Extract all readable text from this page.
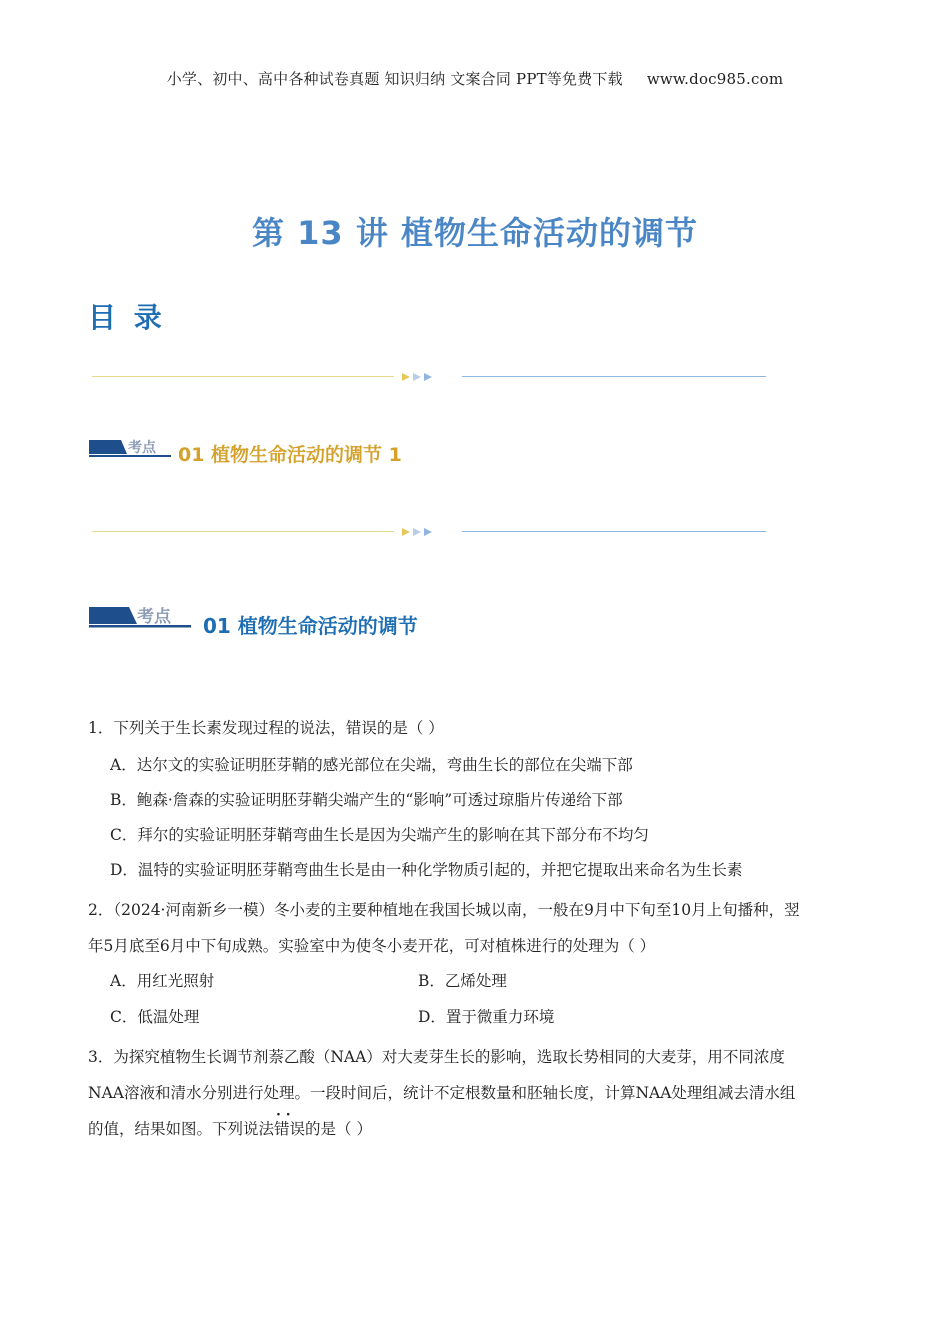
小学、初中、高中各种试卷真题 知识归纳 文案合同 PPT等免费下载 www.doc985.com
第 13 讲 植物生命活动的调节
目 录
考点 01 植物生命活动的调节 1
考点 01 植物生命活动的调节
1．下列关于生长素发现过程的说法，错误的是（ ）
A．达尔文的实验证明胚芽鞘的感光部位在尖端，弯曲生长的部位在尖端下部
B．鲍森·詹森的实验证明胚芽鞘尖端产生的“影响”可透过琼脂片传递给下部
C．拜尔的实验证明胚芽鞘弯曲生长是因为尖端产生的影响在其下部分布不均匀
D．温特的实验证明胚芽鞘弯曲生长是由一种化学物质引起的，并把它提取出来命名为生长素
2．（2024·河南新乡一模）冬小麦的主要种植地在我国长城以南，一般在9月中下旬至10月上旬播种，翌
年5月底至6月中下旬成熟。实验室中为使冬小麦开花，可对植株进行的处理为（ ）
A．用红光照射	B．乙烯处理
C．低温处理	D．置于微重力环境
3．为探究植物生长调节剂萘乙酸（NAA）对大麦芽生长的影响，选取长势相同的大麦芽，用不同浓度
NAA溶液和清水分别进行处理。一段时间后，统计不定根数量和胚轴长度，计算NAA处理组减去清水组
的值，结果如图。下列说法· · 错误的是（ ）
